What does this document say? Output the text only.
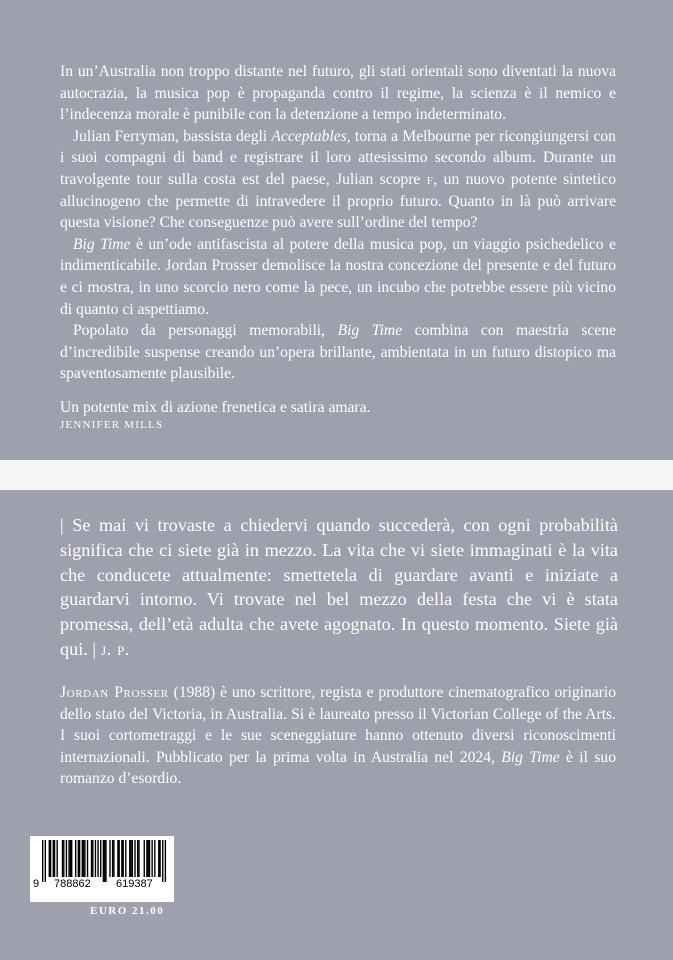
In un’Australia non troppo distante nel futuro, gli stati orientali sono diventati la nuova autocrazia, la musica pop è propaganda contro il regime, la scienza è il nemico e l’indecenza morale è punibile con la detenzione a tempo indeterminato.

Julian Ferryman, bassista degli Acceptables, torna a Melbourne per ricongiungersi con i suoi compagni di band e registrare il loro attesissimo secondo album. Durante un travolgente tour sulla costa est del paese, Julian scopre f, un nuovo potente sintetico allucinogeno che permette di intravedere il proprio futuro. Quanto in là può arrivare questa visione? Che conseguenze può avere sull’ordine del tempo?

Big Time è un’ode antifascista al potere della musica pop, un viaggio psichedelico e indimenticabile. Jordan Prosser demolisce la nostra concezione del presente e del futuro e ci mostra, in uno scorcio nero come la pece, un incubo che potrebbe essere più vicino di quanto ci aspettiamo.

Popolato da personaggi memorabili, Big Time combina con maestria scene d’incredibile suspense creando un’opera brillante, ambientata in un futuro distopico ma spaventosamente plausibile.

Un potente mix di azione frenetica e satira amara.
JENNIFER MILLS
| Se mai vi trovaste a chiedervi quando succederà, con ogni probabilità significa che ci siete già in mezzo. La vita che vi siete immaginati è la vita che conducete attualmente: smettetela di guardare avanti e iniziate a guardarvi intorno. Vi trovate nel bel mezzo della festa che vi è stata promessa, dell’età adulta che avete agognato. In questo momento. Siete già qui. | j. p.
Jordan Prosser (1988) è uno scrittore, regista e produttore cinematografico originario dello stato del Victoria, in Australia. Si è laureato presso il Victorian College of the Arts. I suoi cortometraggi e le sue sceneggiature hanno ottenuto diversi riconoscimenti internazionali. Pubblicato per la prima volta in Australia nel 2024, Big Time è il suo romanzo d’esordio.
9 788862 619387
EURO 21.00
